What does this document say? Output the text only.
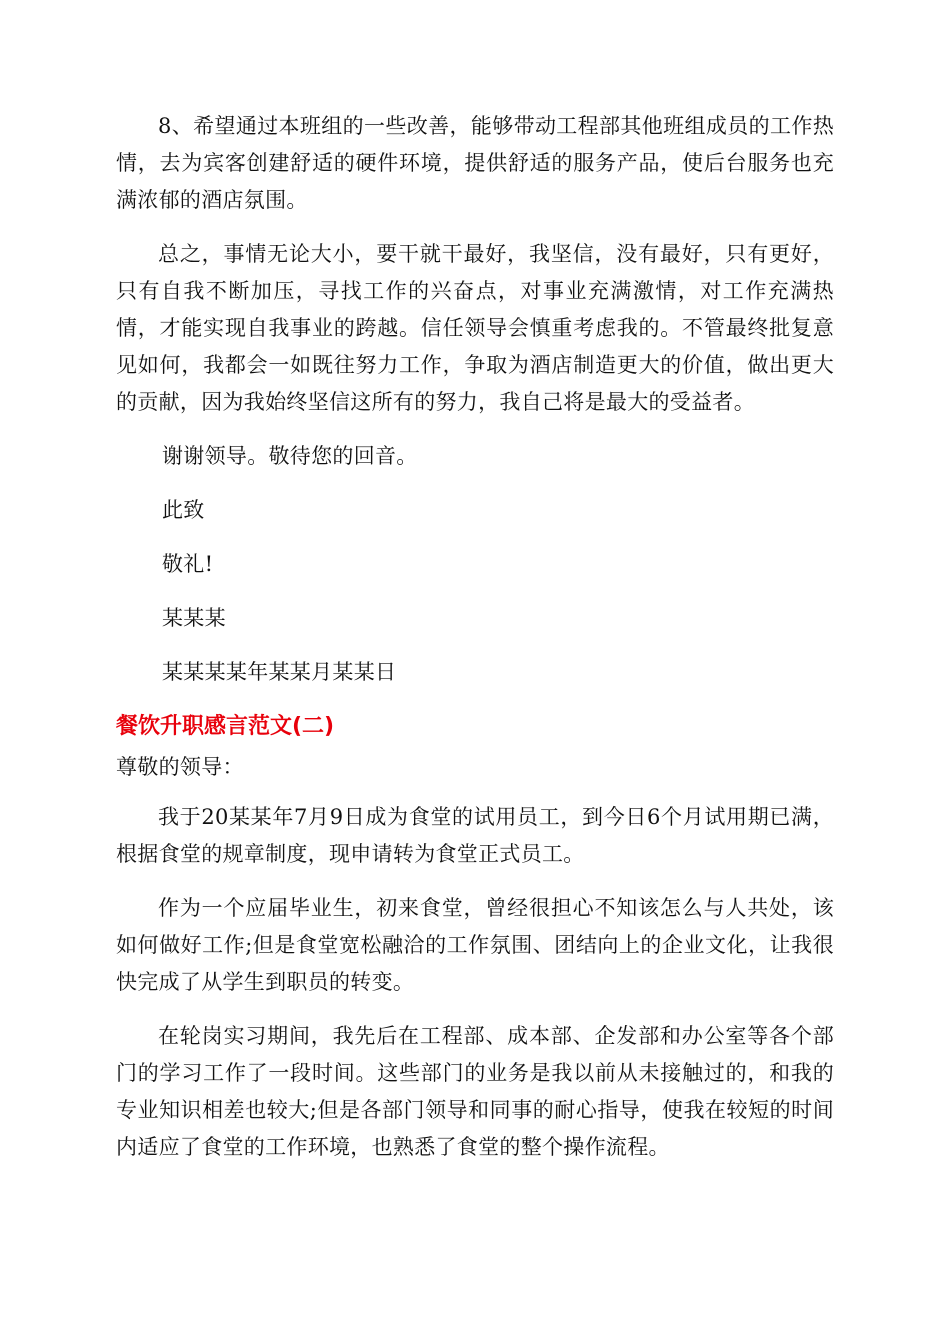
8、希望通过本班组的一些改善，能够带动工程部其他班组成员的工作热情，去为宾客创建舒适的硬件环境，提供舒适的服务产品，使后台服务也充满浓郁的酒店氛围。

总之，事情无论大小，要干就干最好，我坚信，没有最好，只有更好，只有自我不断加压，寻找工作的兴奋点，对事业充满激情，对工作充满热情，才能实现自我事业的跨越。信任领导会慎重考虑我的。不管最终批复意见如何，我都会一如既往努力工作，争取为酒店制造更大的价值，做出更大的贡献，因为我始终坚信这所有的努力，我自己将是最大的受益者。

谢谢领导。敬待您的回音。

此致

敬礼!

某某某

某某某某年某某月某某日

餐饮升职感言范文(二)

尊敬的领导：

我于20某某年7月9日成为食堂的试用员工，到今日6个月试用期已满，根据食堂的规章制度，现申请转为食堂正式员工。

作为一个应届毕业生，初来食堂，曾经很担心不知该怎么与人共处，该如何做好工作;但是食堂宽松融洽的工作氛围、团结向上的企业文化，让我很快完成了从学生到职员的转变。

在轮岗实习期间，我先后在工程部、成本部、企发部和办公室等各个部门的学习工作了一段时间。这些部门的业务是我以前从未接触过的，和我的专业知识相差也较大;但是各部门领导和同事的耐心指导，使我在较短的时间内适应了食堂的工作环境，也熟悉了食堂的整个操作流程。
